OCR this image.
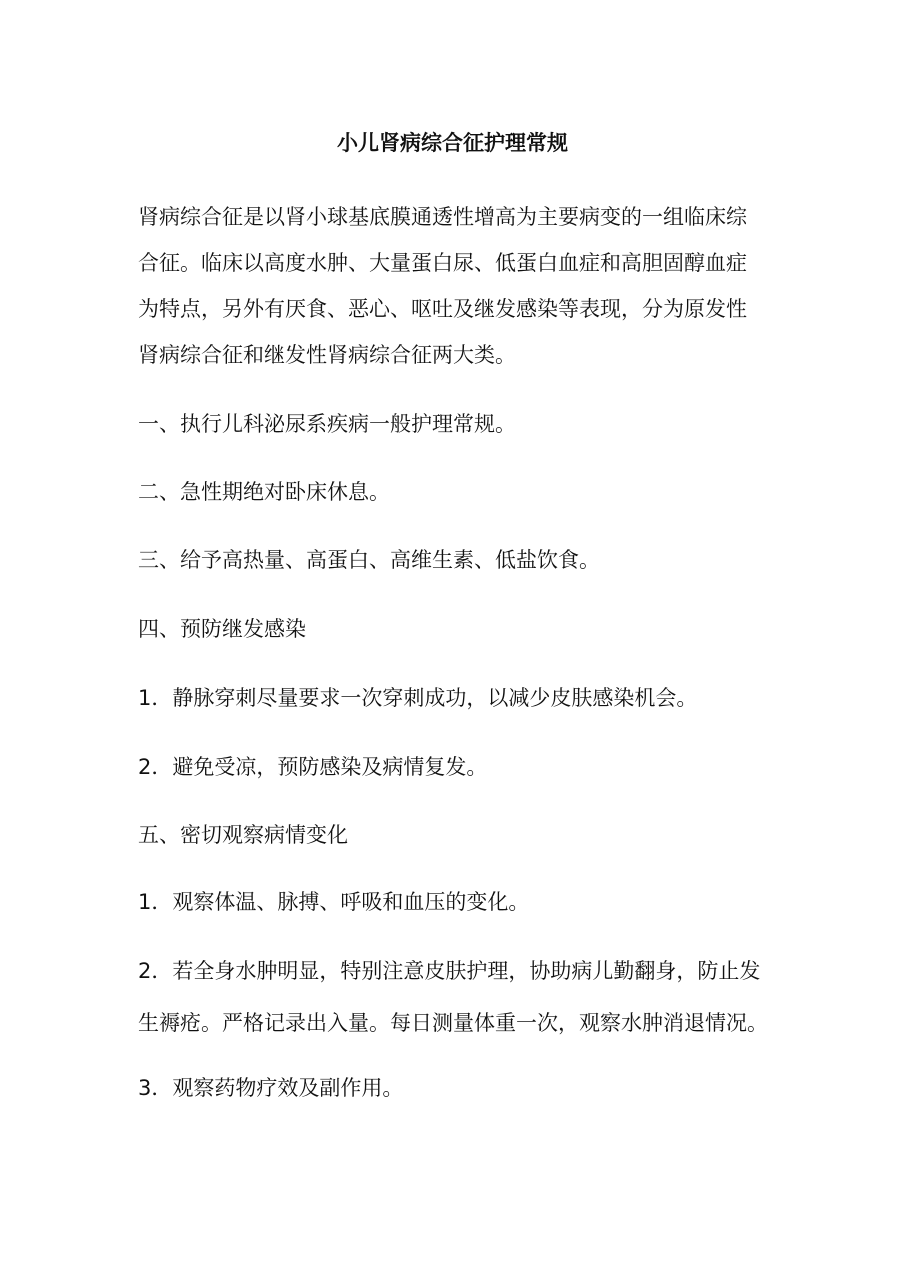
小儿肾病综合征护理常规
肾病综合征是以肾小球基底膜通透性增高为主要病变的一组临床综
合征。临床以高度水肿、大量蛋白尿、低蛋白血症和高胆固醇血症
为特点，另外有厌食、恶心、呕吐及继发感染等表现，分为原发性
肾病综合征和继发性肾病综合征两大类。
一、执行儿科泌尿系疾病一般护理常规。
二、急性期绝对卧床休息。
三、给予高热量、高蛋白、高维生素、低盐饮食。
四、预防继发感染
1．静脉穿刺尽量要求一次穿刺成功，以减少皮肤感染机会。
2．避免受凉，预防感染及病情复发。
五、密切观察病情变化
1．观察体温、脉搏、呼吸和血压的变化。
2．若全身水肿明显，特别注意皮肤护理，协助病儿勤翻身，防止发
生褥疮。严格记录出入量。每日测量体重一次，观察水肿消退情况。
3．观察药物疗效及副作用。
